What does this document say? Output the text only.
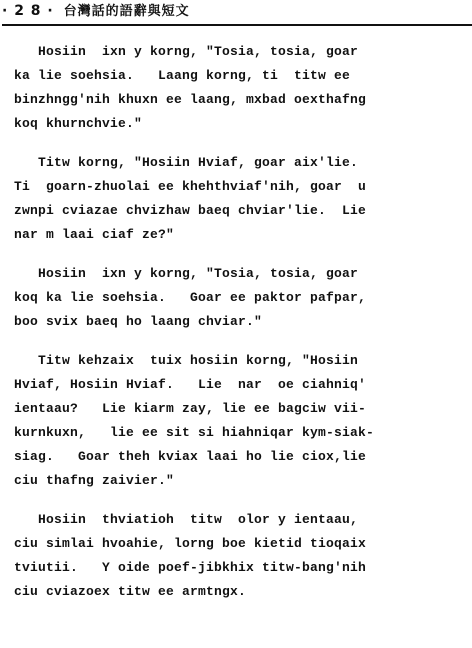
· 2 8 · 台灣話的語辭與短文

Hosiin  ixn y korng, "Tosia, tosia, goar
ka lie soehsia.   Laang korng, ti  titw ee
binzhngg'nih khuxn ee laang, mxbad oexthafng
koq khurnchvie."

Titw korng, "Hosiin Hviaf, goar aix'lie.
Ti  goarn-zhuolai ee khehthviaf'nih, goar  u
zwnpi cviazae chvizhaw baeq chviar'lie.  Lie
nar m laai ciaf ze?"

Hosiin  ixn y korng, "Tosia, tosia, goar
koq ka lie soehsia.   Goar ee paktor pafpar,
boo svix baeq ho laang chviar."

Titw kehzaix  tuix hosiin korng, "Hosiin
Hviaf, Hosiin Hviaf.   Lie  nar  oe ciahniq'
ientaau?   Lie kiarm zay, lie ee bagciw vii-
kurnkuxn,   lie ee sit si hiahniqar kym-siak-
siag.   Goar theh kviax laai ho lie ciox,lie
ciu thafng zaivier."

Hosiin  thviatioh  titw  olor y ientaau,
ciu simlai hvoahie, lorng boe kietid tioqaix
tviutii.   Y oide poef-jibkhix titw-bang'nih
ciu cviazoex titw ee armtngx.
